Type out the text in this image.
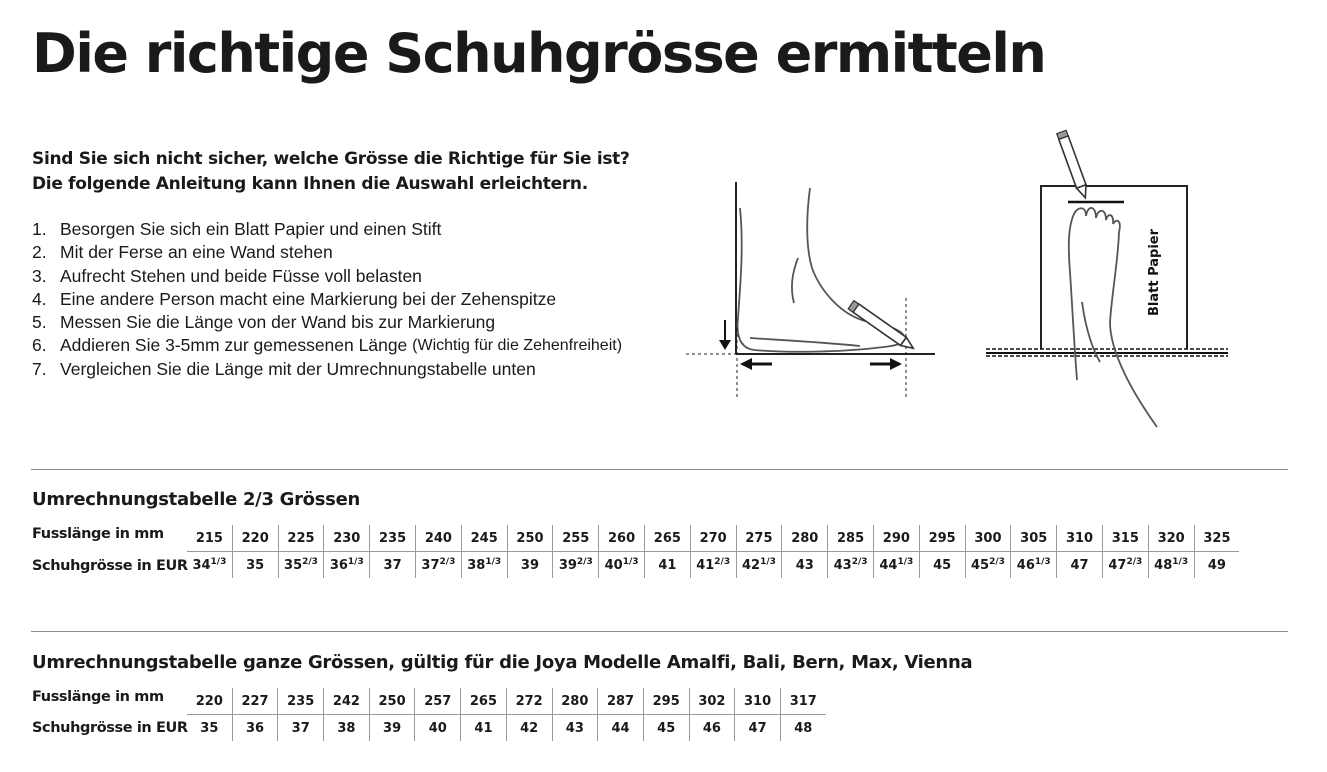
Die richtige Schuhgrösse ermitteln
Sind Sie sich nicht sicher, welche Grösse die Richtige für Sie ist?
Die folgende Anleitung kann Ihnen die Auswahl erleichtern.
1. Besorgen Sie sich ein Blatt Papier und einen Stift
2. Mit der Ferse an eine Wand stehen
3. Aufrecht Stehen und beide Füsse voll belasten
4. Eine andere Person macht eine Markierung bei der Zehenspitze
5. Messen Sie die Länge von der Wand bis zur Markierung
6. Addieren Sie 3-5mm zur gemessenen Länge (Wichtig für die Zehenfreiheit)
7. Vergleichen Sie die Länge mit der Umrechnungstabelle unten
Blatt Papier
Umrechnungstabelle 2/3 Grössen
Fusslänge in mm
Schuhgrösse in EUR
215	220	225	230	235	240	245	250	255	260	265	270	275	280	285	290	295	300	305	310	315	320	325
$34^{1/3}$	35	$35^{2/3}$	$36^{1/3}$	37	$37^{2/3}$	$38^{1/3}$	39	$39^{2/3}$	$40^{1/3}$	41	$41^{2/3}$	$42^{1/3}$	43	$43^{2/3}$	$44^{1/3}$	45	$45^{2/3}$	$46^{1/3}$	47	$47^{2/3}$	$48^{1/3}$	49
Umrechnungstabelle ganze Grössen, gültig für die Joya Modelle Amalfi, Bali, Bern, Max, Vienna
Fusslänge in mm
Schuhgrösse in EUR
220	227	235	242	250	257	265	272	280	287	295	302	310	317
35	36	37	38	39	40	41	42	43	44	45	46	47	48
